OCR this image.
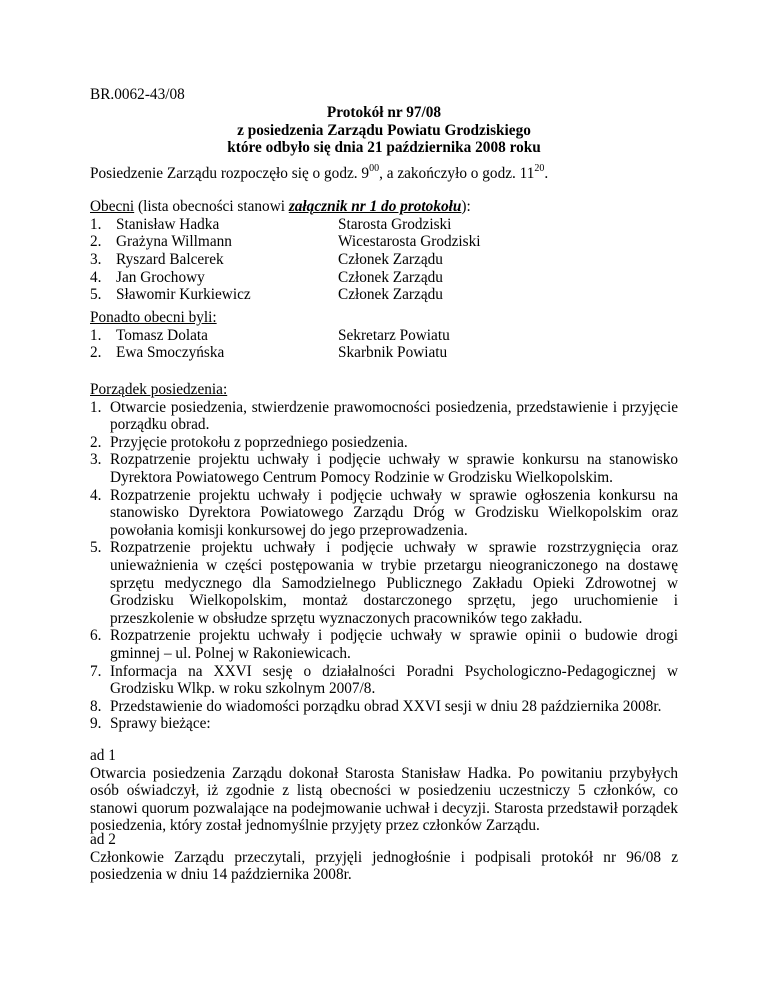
BR.0062-43/08
Protokół nr 97/08
z posiedzenia Zarządu Powiatu Grodziskiego
które odbyło się dnia 21 października 2008 roku
Posiedzenie Zarządu rozpoczęło się o godz. $9^{00}$, a zakończyło o godz. $11^{20}$.
Obecni (lista obecności stanowi załącznik nr 1 do protokołu):
1. Stanisław Hadka	Starosta Grodziski
2. Grażyna Willmann	Wicestarosta Grodziski
3. Ryszard Balcerek	Członek Zarządu
4. Jan Grochowy	Członek Zarządu
5. Sławomir Kurkiewicz	Członek Zarządu
Ponadto obecni byli:
1. Tomasz Dolata	Sekretarz Powiatu
2. Ewa Smoczyńska	Skarbnik Powiatu
Porządek posiedzenia:
1. Otwarcie posiedzenia, stwierdzenie prawomocności posiedzenia, przedstawienie i przyjęcie porządku obrad.
2. Przyjęcie protokołu z poprzedniego posiedzenia.
3. Rozpatrzenie projektu uchwały i podjęcie uchwały w sprawie konkursu na stanowisko Dyrektora Powiatowego Centrum Pomocy Rodzinie w Grodzisku Wielkopolskim.
4. Rozpatrzenie projektu uchwały i podjęcie uchwały w sprawie ogłoszenia konkursu na stanowisko Dyrektora Powiatowego Zarządu Dróg w Grodzisku Wielkopolskim oraz powołania komisji konkursowej do jego przeprowadzenia.
5. Rozpatrzenie projektu uchwały i podjęcie uchwały w sprawie rozstrzygnięcia oraz unieważnienia w części postępowania w trybie przetargu nieograniczonego na dostawę sprzętu medycznego dla Samodzielnego Publicznego Zakładu Opieki Zdrowotnej w Grodzisku Wielkopolskim, montaż dostarczonego sprzętu, jego uruchomienie i przeszkolenie w obsłudze sprzętu wyznaczonych pracowników tego zakładu.
6. Rozpatrzenie projektu uchwały i podjęcie uchwały w sprawie opinii o budowie drogi gminnej – ul. Polnej w Rakoniewicach.
7. Informacja na XXVI sesję o działalności Poradni Psychologiczno-Pedagogicznej w Grodzisku Wlkp. w roku szkolnym 2007/8.
8. Przedstawienie do wiadomości porządku obrad XXVI sesji w dniu 28 października 2008r.
9. Sprawy bieżące:
ad 1
Otwarcia posiedzenia Zarządu dokonał Starosta Stanisław Hadka. Po powitaniu przybyłych osób oświadczył, iż zgodnie z listą obecności w posiedzeniu uczestniczy 5 członków, co stanowi quorum pozwalające na podejmowanie uchwał i decyzji. Starosta przedstawił porządek posiedzenia, który został jednomyślnie przyjęty przez członków Zarządu.
ad 2
Członkowie Zarządu przeczytali, przyjęli jednogłośnie i podpisali protokół nr 96/08 z posiedzenia w dniu 14 października 2008r.
